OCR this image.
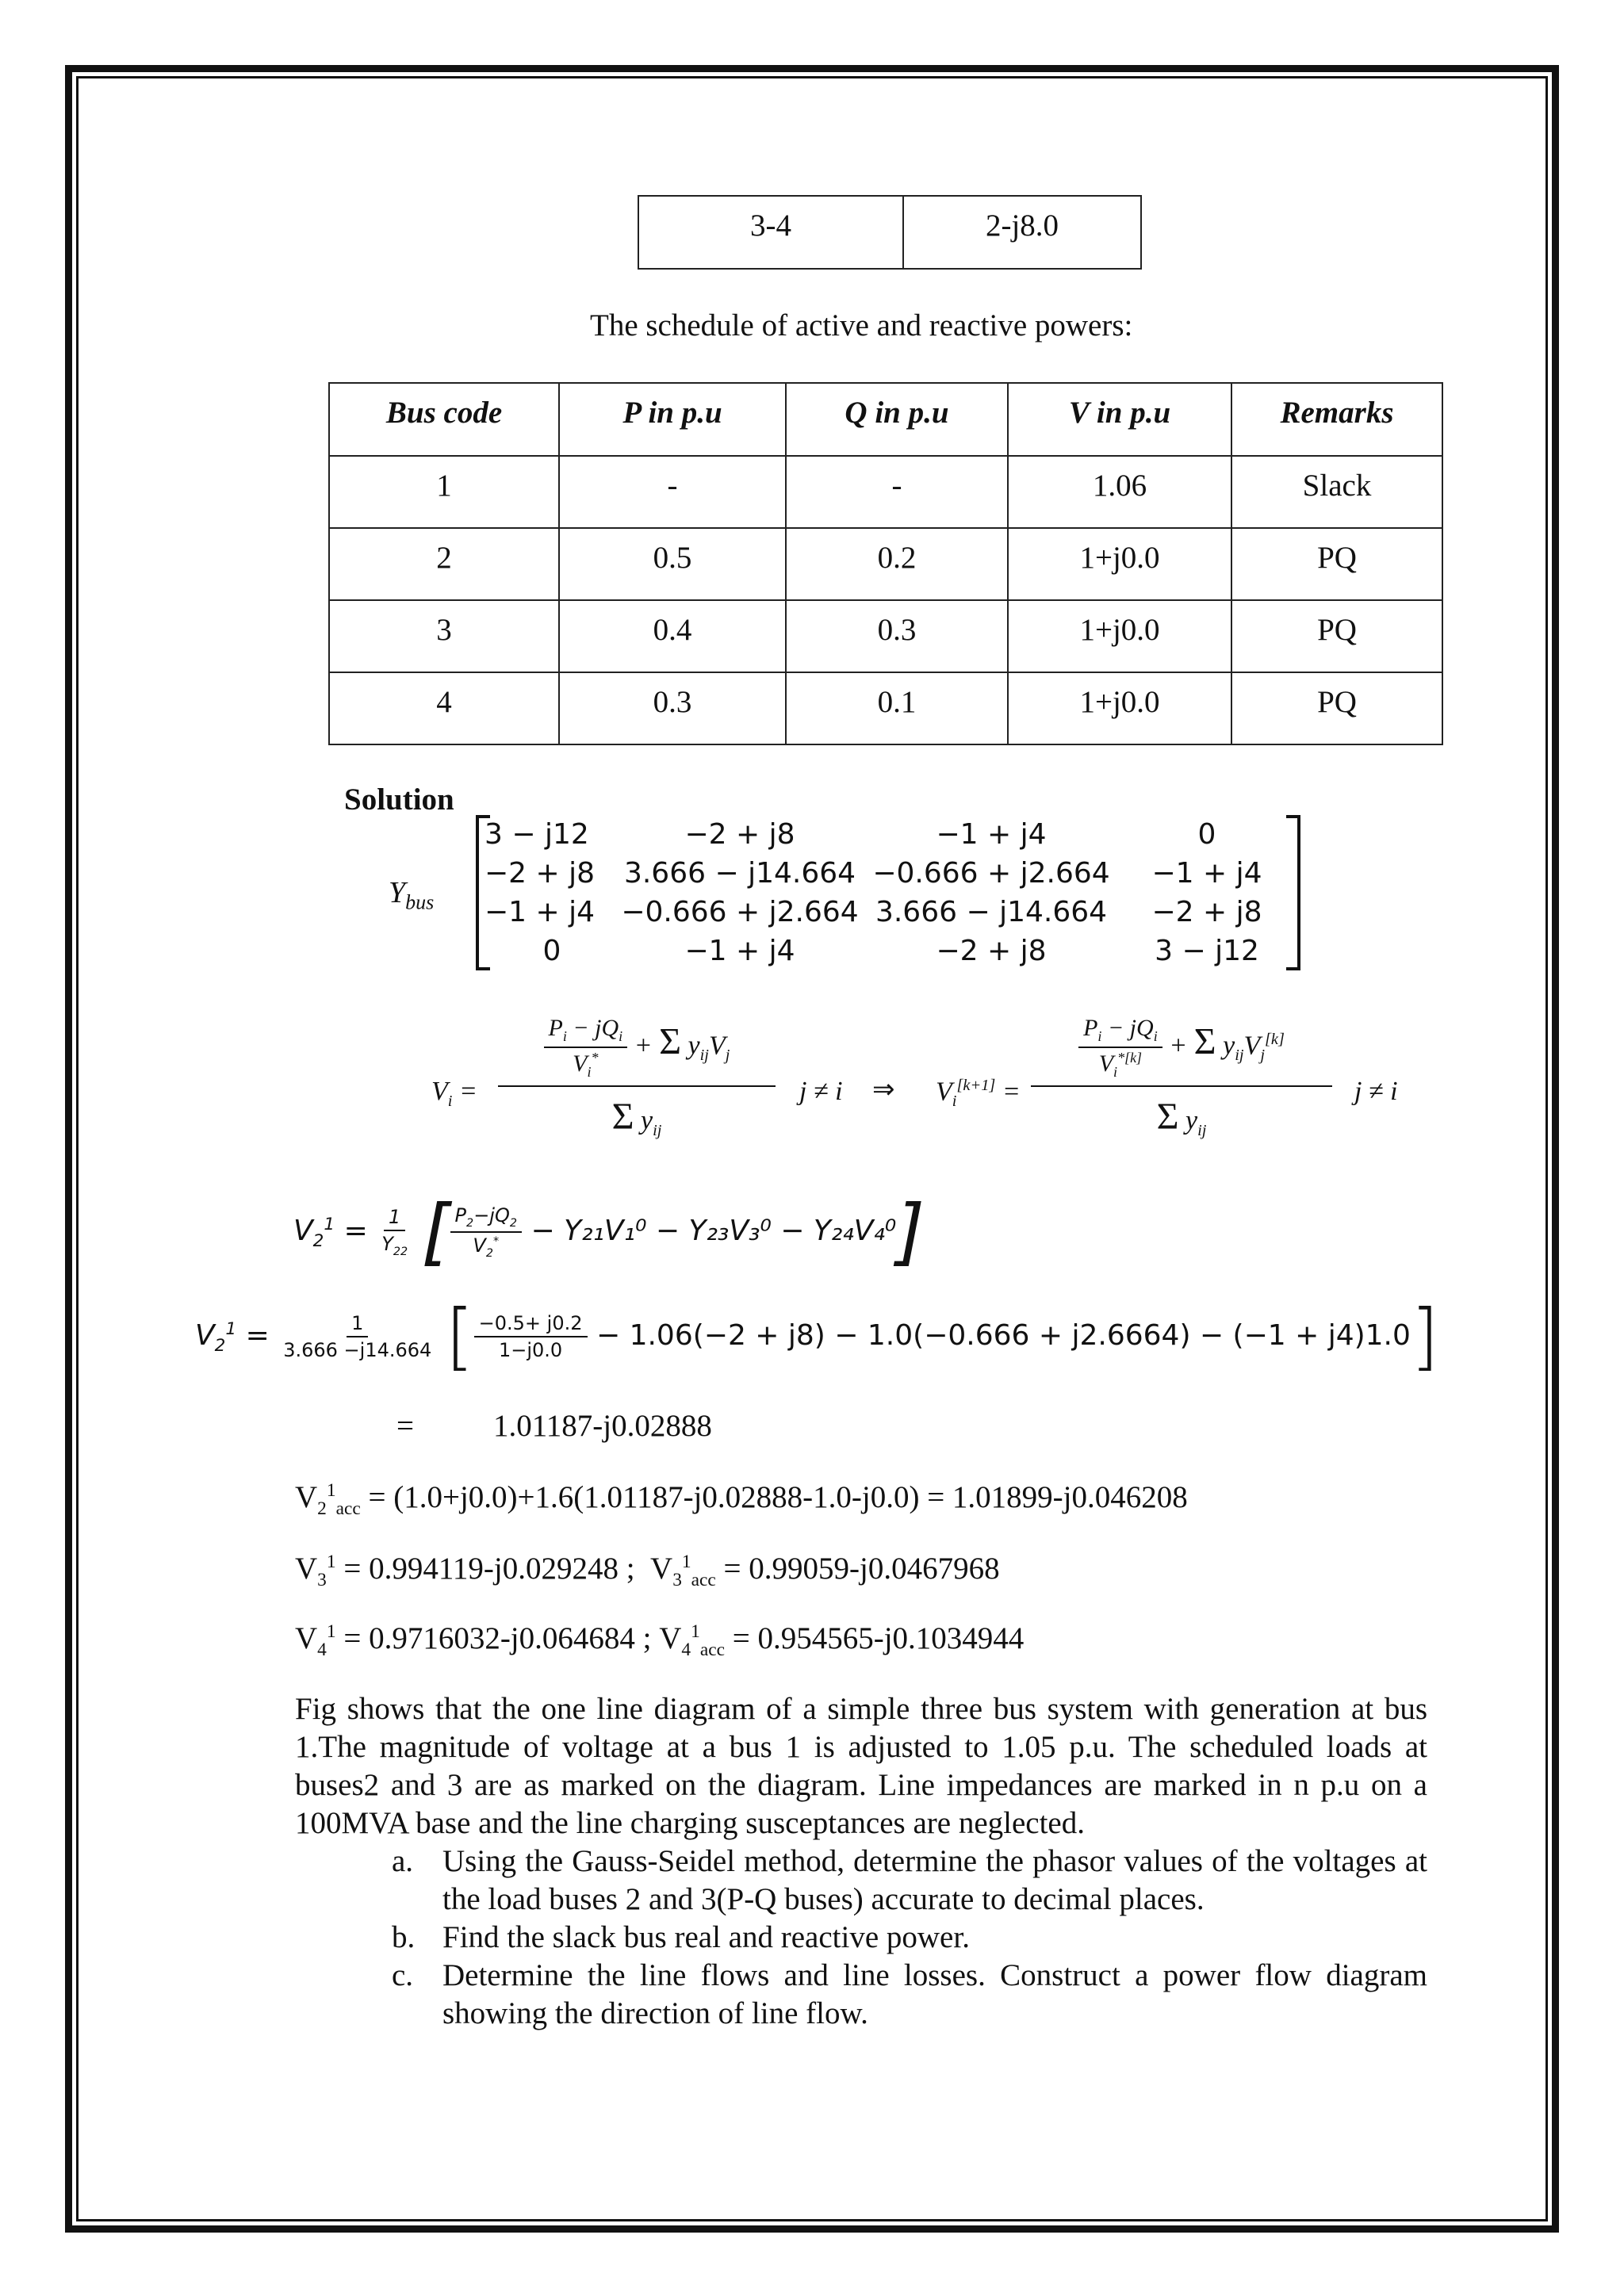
3-4	2-j8.0
The schedule of active and reactive powers:
Bus code	P in p.u	Q in p.u	V in p.u	Remarks
1	-	-	1.06	Slack
2	0.5	0.2	1+j0.0	PQ
3	0.4	0.3	1+j0.0	PQ
4	0.3	0.1	1+j0.0	PQ
Solution
$Y_{bus}$
3 − j12	−2 + j8	−1 + j4	0
−2 + j8	3.666 − j14.664	−0.666 + j2.664	−1 + j4
−1 + j4	−0.666 + j2.664	3.666 − j14.664	−2 + j8
0	−1 + j4	−2 + j8	3 − j12
$V_i$ =
$\frac{P_i - jQ_i}{V_i^*} + \Sigma$ $y_{ij}V_j$
Σ $y_{ij}$
j ≠ i ⇒ $V_i[k+1]$ =
$\frac{P_i - jQ_i}{V_i^{*[k]}} + \Sigma$ $y_{ij}V_j[k]$
Σ $y_{ij}$
j ≠ i
$V_2^1 = \frac{1}{Y_{22}}$ [ $\frac{P_2-jQ_2}{V_2^*} - Y_{21}V_1^0 - Y_{23}V_3^0 - Y_{24}V_4^0$]
$V_2^1 = \frac{1}{3.666 -j14.664}$ [ $\frac{-0.5+ j0.2}{1-j0.0} - 1.06(-2 + j8) - 1.0(-0.666 + j2.6664) - (-1 + j4)1.0$]
=	1.01187-j0.02888
$V_2^1_{acc} = (1.0+j0.0)+1.6(1.01187-j0.02888-1.0-j0.0) = 1.01899-j0.046208$
$V_3^1 = 0.994119-j0.029248$ ;  $V_3^1_{acc} = 0.99059-j0.0467968$
$V_4^1 = 0.9716032-j0.064684$ ; $V_4^1_{acc} = 0.954565-j0.1034944$
Fig shows that the one line diagram of a simple three bus system with generation at bus 1.The magnitude of voltage at a bus 1 is adjusted to 1.05 p.u. The scheduled loads at buses2 and 3 are as marked on the diagram. Line impedances are marked in n p.u on a 100MVA base and the line charging susceptances are neglected.
a. Using the Gauss-Seidel method, determine the phasor values of the voltages at the load buses 2 and 3(P-Q buses) accurate to decimal places.
b. Find the slack bus real and reactive power.
c. Determine the line flows and line losses. Construct a power flow diagram showing the direction of line flow.
